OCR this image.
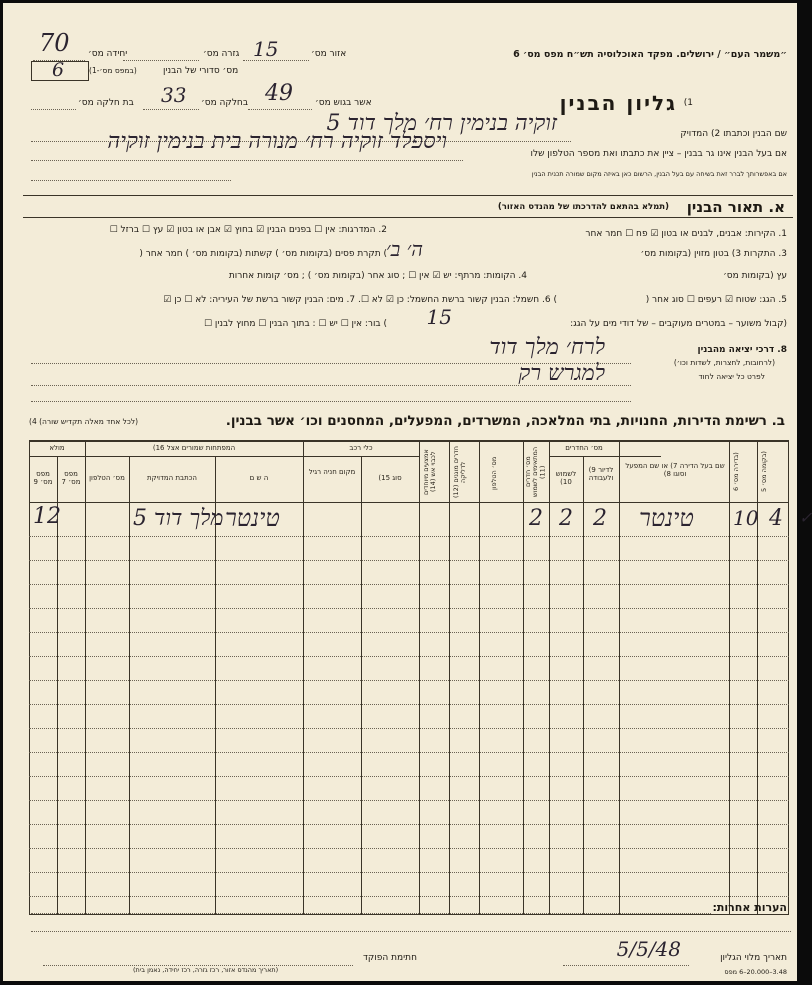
״משמר העם״ / ירושלים. מפקד האוכלוסיה תש״ח מפס מס׳ 6
אזור מס׳
15
גזרה מס׳
יחידה מס׳
70
מס׳ סדורי של הבנין
(במפס מס׳-1)
6
גליון הבנין 1)
אשר בגוש מס׳
49
בחלקה מס׳
33
בת חלקה מס׳
שם הבנין וכתבתו 2) המדויק
זוקיה בנימין רח׳ מלך דוד 5
אם בעל הבנין אינו גר בבנין – ציין את כתבתו ואת מספר הטלפון שלו
ויספלד זוקיה רח׳ מנורה בית בנימין זוקיה
אם באפשרותך לברר זאת בשיחה עם בעל הבנין, הרשום כאן באיזה מקום שמורה תכנית הבנין
א. תאור הבנין
(תמלא בהתאם להדרכתו של מהנדס האזור)
1. הקירות: אבנים, לבנים או בטון ☑ פח ☐ חמר אחר
2. המדרגות: אין ☐ בפנים הבנין ☑ בחוץ ☑ אבן או בטון ☑ עץ ☐ ברזל ☐
3. התקרות 3) בטון מזוין (בקומות מס׳
ה׳ ב׳
) תקרת פסים (בקומות מס׳ ) קשתות (בקומות מס׳ ) חמר אחר (
עץ (בקומות מס׳
4. הקומות: מרתף: יש ☑ אין ☐ ; סוג אחר (בקומות מס׳ ) ; מס׳ קומות אחרות
5. הגג: שטוח ☑ רעפים ☐ סוג אחר (
) 6. חשמל: הבנין קשור ברשת החשמל: כן ☑ לא ☐. 7. מים: הבנין קשור ברשת של העיריה: לא ☐ כן ☑
(קבול משוער – במטרים מעוקבים – של דודי מים על הגג:
15
) בור: אין ☐ יש ☐ : בתוך הבנין ☐ מחוץ לבנין ☐
8. דרכי יציאה מהבנין
(לרחובות, לחצרות, לשדות וכו׳)
לפרט כל יציאה לחוד
לרח׳ מלך דוד
למגרש רק
ב. רשימת הדירות, החנויות, בתי המלאכה, המשרדים, המפעלים, המחסנים וכו׳ אשר בבנין.
(לכל אחד מאלה תקדיש שורה) 4)
בקומה מס׳ 5)
בדירה מס׳ 6)
שם בעל הדירה 7) או שם המפעל וסוגו 8)
מס׳ החדרים
לדיור 9) ולעבודה
לשמוש 10)
מס׳ חדרים המתאימים לשמוש (11)
מס׳ הטלפון
חדרים מוגנים (12) לדליקה
אמצעים מיוחדים לכבוי אש (14)
כלי רכב
סוג 15)
מקום חניה רגיל
המפתחות שמורים אצל 16)
ה ש ם
הכתבת המדויקת
מס׳ הטלפון
מולא
מפס מס׳ 7
מפס מס׳ 9
4 ✓
10
טינטר
2
2
2
טינטר
מלך דוד 5
12
הערות אחרות:
תאריך מלוי הגליון
5/5/48
חתימת הפוקד
(תאריך מהנדס אזור, רכז גזרה, רכז יחידה, נאמן בית)	3.48–20.000–6 מפס
